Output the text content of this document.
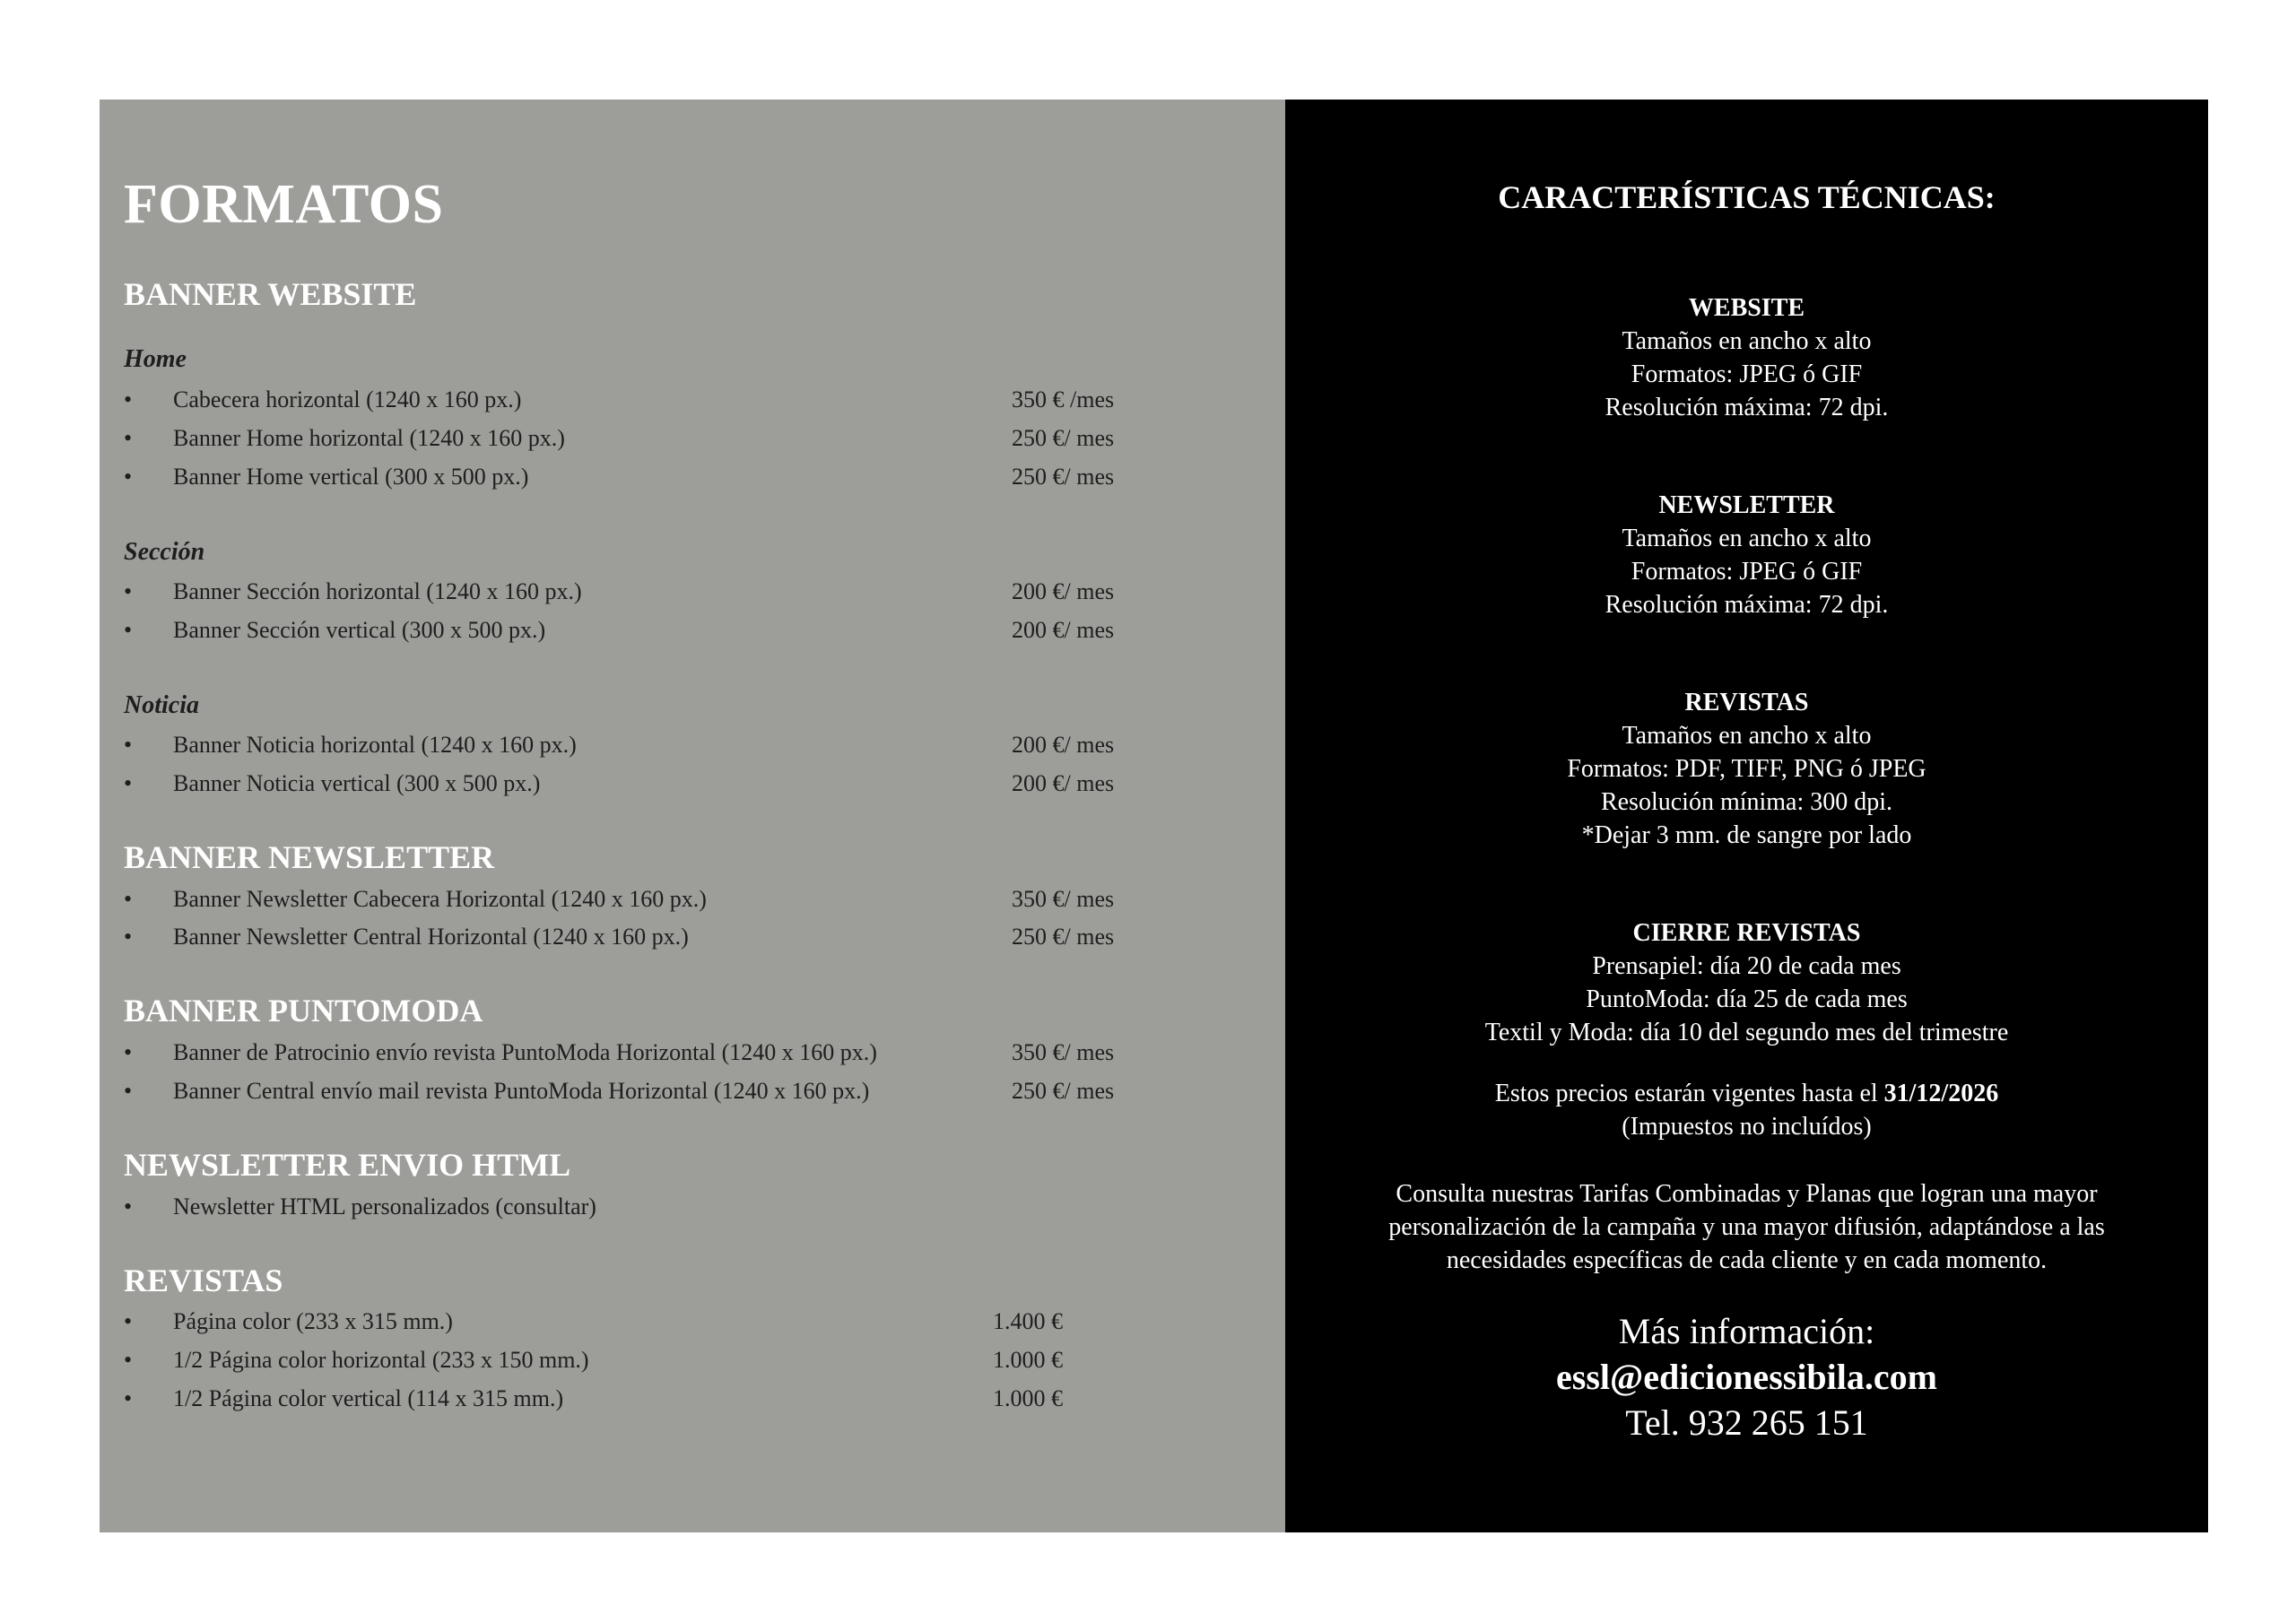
FORMATOS
BANNER WEBSITE
Home
• Cabecera horizontal (1240 x 160 px.)	350 € /mes
• Banner Home horizontal (1240 x 160 px.)	250 €/ mes
• Banner Home vertical (300 x 500 px.)	250 €/ mes
Sección
• Banner Sección horizontal (1240 x 160 px.)	200 €/ mes
• Banner Sección vertical (300 x 500 px.)	200 €/ mes
Noticia
• Banner Noticia horizontal (1240 x 160 px.)	200 €/ mes
• Banner Noticia vertical (300 x 500 px.)	200 €/ mes
BANNER NEWSLETTER
• Banner Newsletter Cabecera Horizontal (1240 x 160 px.)	350 €/ mes
• Banner Newsletter Central Horizontal (1240 x 160 px.)	250 €/ mes
BANNER PUNTOMODA
• Banner de Patrocinio envío revista PuntoModa Horizontal (1240 x 160 px.)	350 €/ mes
• Banner Central envío mail revista PuntoModa Horizontal (1240 x 160 px.)	250 €/ mes
NEWSLETTER ENVIO HTML
• Newsletter HTML personalizados (consultar)
REVISTAS
• Página color (233 x 315 mm.)	1.400 €
• 1/2 Página color horizontal (233 x 150 mm.)	1.000 €
• 1/2 Página color vertical (114 x 315 mm.)	1.000 €
CARACTERÍSTICAS TÉCNICAS:
WEBSITE
Tamaños en ancho x alto
Formatos: JPEG ó GIF
Resolución máxima: 72 dpi.
NEWSLETTER
Tamaños en ancho x alto
Formatos: JPEG ó GIF
Resolución máxima: 72 dpi.
REVISTAS
Tamaños en ancho x alto
Formatos: PDF, TIFF, PNG ó JPEG
Resolución mínima: 300 dpi.
*Dejar 3 mm. de sangre por lado
CIERRE REVISTAS
Prensapiel: día 20 de cada mes
PuntoModa: día 25 de cada mes
Textil y Moda: día 10 del segundo mes del trimestre
Estos precios estarán vigentes hasta el 31/12/2026
(Impuestos no incluídos)
Consulta nuestras Tarifas Combinadas y Planas que logran una mayor
personalización de la campaña y una mayor difusión, adaptándose a las
necesidades específicas de cada cliente y en cada momento.
Más información:
essl@edicionessibila.com
Tel. 932 265 151
